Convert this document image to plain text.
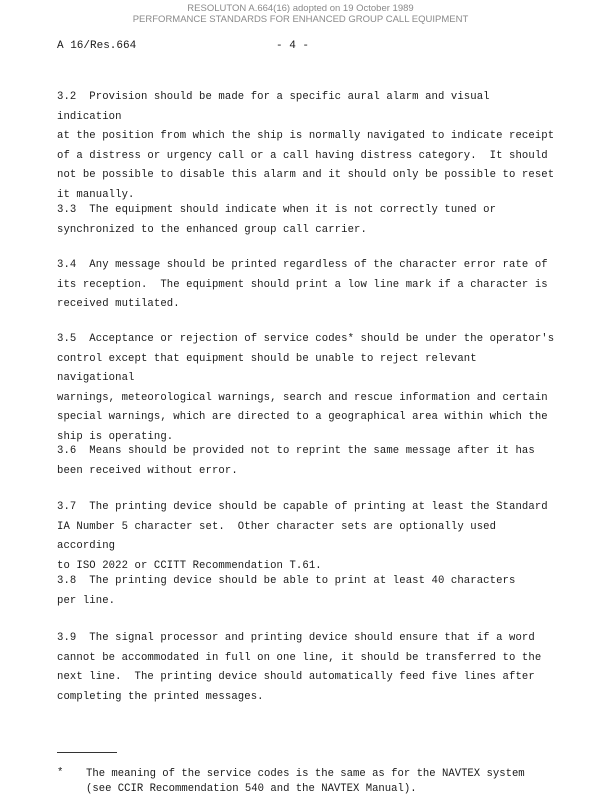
RESOLUTON A.664(16) adopted on 19 October 1989
PERFORMANCE STANDARDS FOR ENHANCED GROUP CALL EQUIPMENT
A 16/Res.664	- 4 -

3.2  Provision should be made for a specific aural alarm and visual indication
at the position from which the ship is normally navigated to indicate receipt
of a distress or urgency call or a call having distress category.  It should
not be possible to disable this alarm and it should only be possible to reset
it manually.

3.3  The equipment should indicate when it is not correctly tuned or
synchronized to the enhanced group call carrier.

3.4  Any message should be printed regardless of the character error rate of
its reception.  The equipment should print a low line mark if a character is
received mutilated.

3.5  Acceptance or rejection of service codes* should be under the operator's
control except that equipment should be unable to reject relevant navigational
warnings, meteorological warnings, search and rescue information and certain
special warnings, which are directed to a geographical area within which the
ship is operating.

3.6  Means should be provided not to reprint the same message after it has
been received without error.

3.7  The printing device should be capable of printing at least the Standard
IA Number 5 character set.  Other character sets are optionally used according
to ISO 2022 or CCITT Recommendation T.61.

3.8  The printing device should be able to print at least 40 characters
per line.

3.9  The signal processor and printing device should ensure that if a word
cannot be accommodated in full on one line, it should be transferred to the
next line.  The printing device should automatically feed five lines after
completing the printed messages.

* The meaning of the service codes is the same as for the NAVTEX system
(see CCIR Recommendation 540 and the NAVTEX Manual).
